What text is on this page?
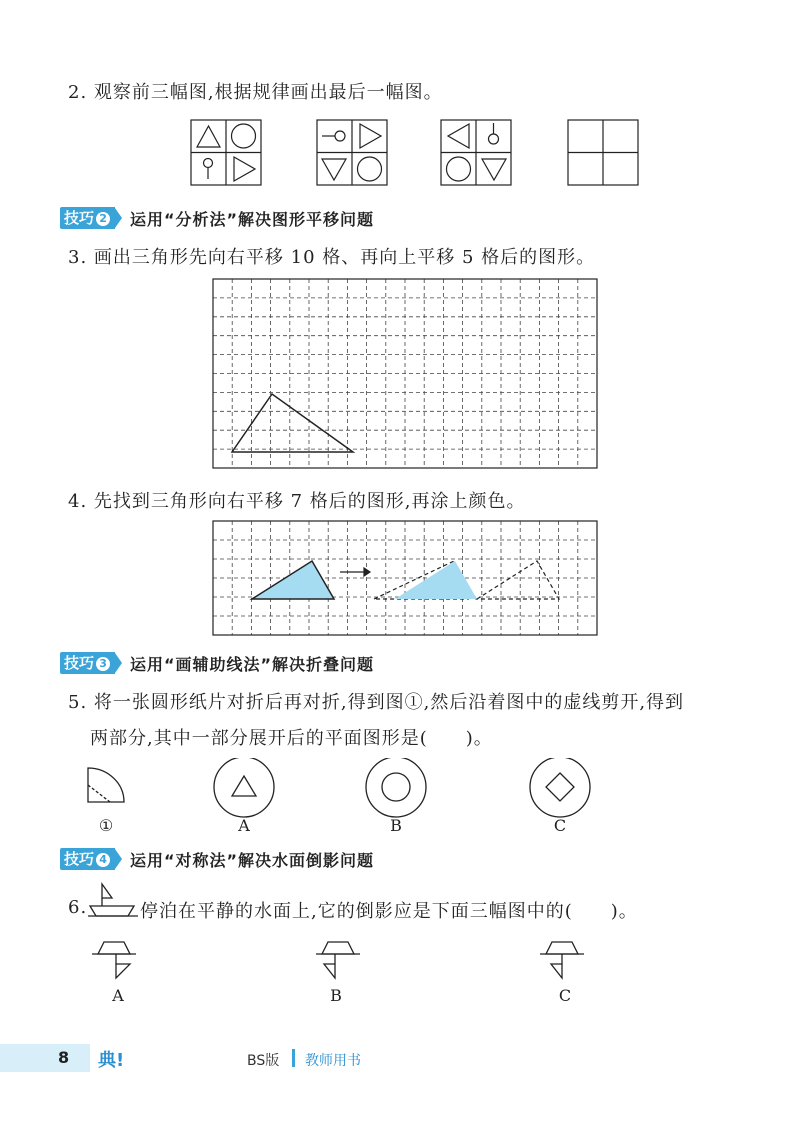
2. 观察前三幅图,根据规律画出最后一幅图。
技巧 2	运用“分析法”解决图形平移问题
3. 画出三角形先向右平移 10 格、再向上平移 5 格后的图形。
4. 先找到三角形向右平移 7 格后的图形,再涂上颜色。
技巧 3	运用“画辅助线法”解决折叠问题
5. 将一张圆形纸片对折后再对折,得到图①,然后沿着图中的虚线剪开,得到
两部分,其中一部分展开后的平面图形是(　　)。
①	A	B	C
技巧 4	运用“对称法”解决水面倒影问题
6.	停泊在平静的水面上,它的倒影应是下面三幅图中的(　　)。
A	B	C
8 典!	BS版 教师用书
